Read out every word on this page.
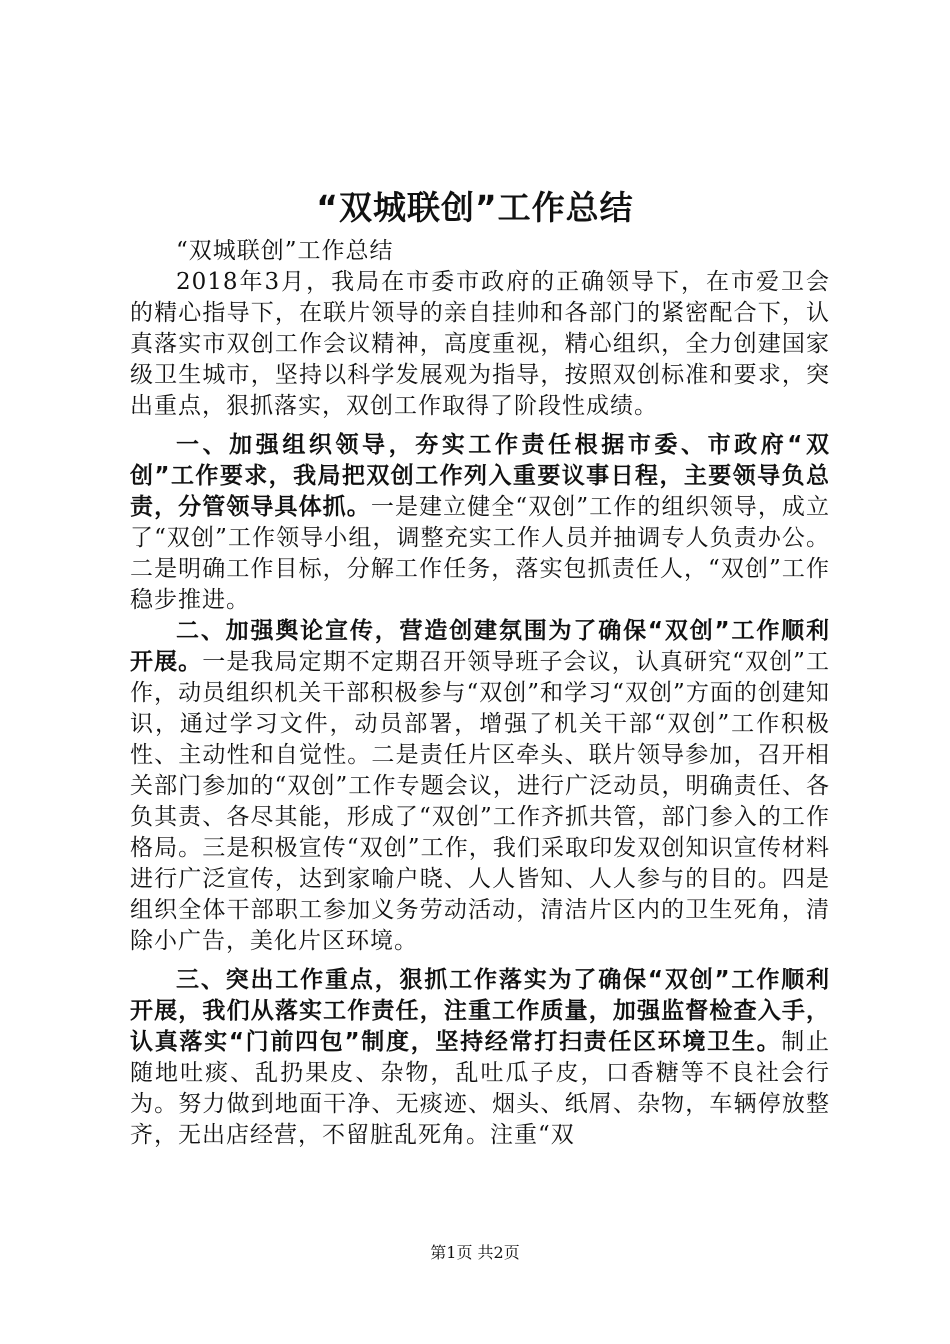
“双城联创”工作总结

“双城联创”工作总结

2018年3月，我局在市委市政府的正确领导下，在市爱卫会的精心指导下，在联片领导的亲自挂帅和各部门的紧密配合下，认真落实市双创工作会议精神，高度重视，精心组织，全力创建国家级卫生城市，坚持以科学发展观为指导，按照双创标准和要求，突出重点，狠抓落实，双创工作取得了阶段性成绩。

一、加强组织领导，夯实工作责任根据市委、市政府“双创”工作要求，我局把双创工作列入重要议事日程，主要领导负总责，分管领导具体抓。一是建立健全“双创”工作的组织领导，成立了“双创”工作领导小组，调整充实工作人员并抽调专人负责办公。二是明确工作目标，分解工作任务，落实包抓责任人，“双创”工作稳步推进。

二、加强舆论宣传，营造创建氛围为了确保“双创”工作顺利开展。一是我局定期不定期召开领导班子会议，认真研究“双创”工作，动员组织机关干部积极参与“双创”和学习“双创”方面的创建知识，通过学习文件，动员部署，增强了机关干部“双创”工作积极性、主动性和自觉性。二是责任片区牵头、联片领导参加，召开相关部门参加的“双创”工作专题会议，进行广泛动员，明确责任、各负其责、各尽其能，形成了“双创”工作齐抓共管，部门参入的工作格局。三是积极宣传“双创”工作，我们采取印发双创知识宣传材料进行广泛宣传，达到家喻户晓、人人皆知、人人参与的目的。四是组织全体干部职工参加义务劳动活动，清洁片区内的卫生死角，清除小广告，美化片区环境。

三、突出工作重点，狠抓工作落实为了确保“双创”工作顺利开展，我们从落实工作责任，注重工作质量，加强监督检查入手，认真落实“门前四包”制度，坚持经常打扫责任区环境卫生。制止随地吐痰、乱扔果皮、杂物，乱吐瓜子皮，口香糖等不良社会行为。努力做到地面干净、无痰迹、烟头、纸屑、杂物，车辆停放整齐，无出店经营，不留脏乱死角。注重“双

第1页 共2页
